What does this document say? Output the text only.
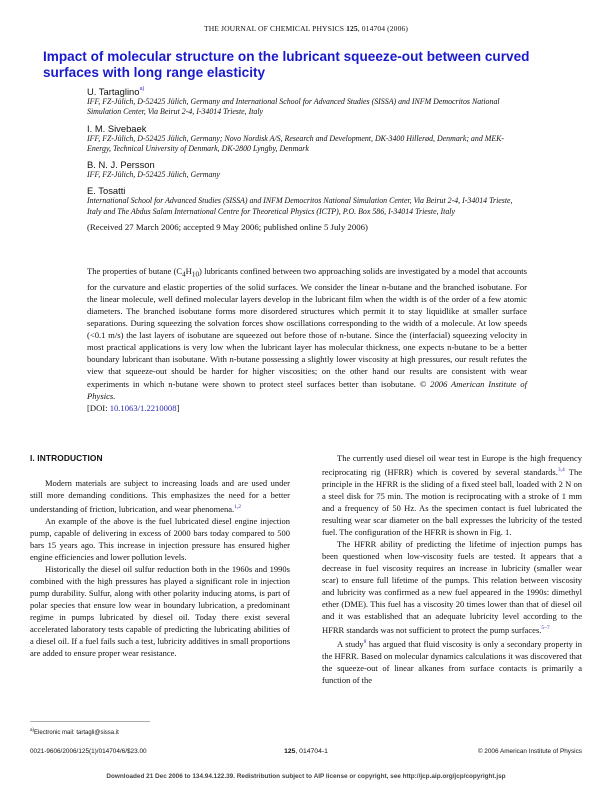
THE JOURNAL OF CHEMICAL PHYSICS 125, 014704 (2006)
Impact of molecular structure on the lubricant squeeze-out between curved surfaces with long range elasticity
U. Tartaglino$^{a)}$
IFF, FZ-Jülich, D-52425 Jülich, Germany and International School for Advanced Studies (SISSA) and INFM Democritos National Simulation Center, Via Beirut 2-4, I-34014 Trieste, Italy
I. M. Sivebaek
IFF, FZ-Jülich, D-52425 Jülich, Germany; Novo Nordisk A/S, Research and Development, DK-3400 Hillerød, Denmark; and MEK-Energy, Technical University of Denmark, DK-2800 Lyngby, Denmark
B. N. J. Persson
IFF, FZ-Jülich, D-52425 Jülich, Germany
E. Tosatti
International School for Advanced Studies (SISSA) and INFM Democritos National Simulation Center, Via Beirut 2-4, I-34014 Trieste, Italy and The Abdus Salam International Centre for Theoretical Physics (ICTP), P.O. Box 586, I-34014 Trieste, Italy
(Received 27 March 2006; accepted 9 May 2006; published online 5 July 2006)
The properties of butane $(C_4H_{10})$ lubricants confined between two approaching solids are investigated by a model that accounts for the curvature and elastic properties of the solid surfaces. We consider the linear n-butane and the branched isobutane. For the linear molecule, well defined molecular layers develop in the lubricant film when the width is of the order of a few atomic diameters. The branched isobutane forms more disordered structures which permit it to stay liquidlike at smaller surface separations. During squeezing the solvation forces show oscillations corresponding to the width of a molecule. At low speeds (<0.1 m/s) the last layers of isobutane are squeezed out before those of n-butane. Since the (interfacial) squeezing velocity in most practical applications is very low when the lubricant layer has molecular thickness, one expects n-butane to be a better boundary lubricant than isobutane. With n-butane possessing a slightly lower viscosity at high pressures, our result refutes the view that squeeze-out should be harder for higher viscosities; on the other hand our results are consistent with wear experiments in which n-butane were shown to protect steel surfaces better than isobutane. © 2006 American Institute of Physics.
[DOI: 10.1063/1.2210008]
I. INTRODUCTION

Modern materials are subject to increasing loads and are used under still more demanding conditions. This emphasizes the need for a better understanding of friction, lubrication, and wear phenomena.$^{1,2}$

An example of the above is the fuel lubricated diesel engine injection pump, capable of delivering in excess of 2000 bars today compared to 500 bars 15 years ago. This increase in injection pressure has ensured higher engine efficiencies and lower pollution levels.

Historically the diesel oil sulfur reduction both in the 1960s and 1990s combined with the high pressures has played a significant role in injection pump durability. Sulfur, along with other polarity inducing atoms, is part of polar species that ensure low wear in boundary lubrication, a predominant regime in pumps lubricated by diesel oil. Today there exist several accelerated laboratory tests capable of predicting the lubricating abilities of a diesel oil. If a fuel fails such a test, lubricity additives in small proportions are added to ensure proper wear resistance.

The currently used diesel oil wear test in Europe is the high frequency reciprocating rig (HFRR) which is covered by several standards.$^{3,4}$ The principle in the HFRR is the sliding of a fixed steel ball, loaded with 2 N on a steel disk for 75 min. The motion is reciprocating with a stroke of 1 mm and a frequency of 50 Hz. As the specimen contact is fuel lubricated the resulting wear scar diameter on the ball expresses the lubricity of the tested fuel. The configuration of the HFRR is shown in Fig. 1.

The HFRR ability of predicting the lifetime of injection pumps has been questioned when low-viscosity fuels are tested. It appears that a decrease in fuel viscosity requires an increase in lubricity (smaller wear scar) to ensure full lifetime of the pumps. This relation between viscosity and lubricity was confirmed as a new fuel appeared in the 1990s: dimethyl ether (DME). This fuel has a viscosity 20 times lower than that of diesel oil and it was established that an adequate lubricity level according to the HFRR standards was not sufficient to protect the pump surfaces.$^{5-7}$

A study$^8$ has argued that fluid viscosity is only a secondary property in the HFRR. Based on molecular dynamics calculations it was discovered that the squeeze-out of linear alkanes from surface contacts is primarily a function of the

$^{a)}$Electronic mail: tartagli@sissa.it
0021-9606/2006/125(1)/014704/6/$23.00	125, 014704-1	© 2006 American Institute of Physics
Downloaded 21 Dec 2006 to 134.94.122.39. Redistribution subject to AIP license or copyright, see http://jcp.aip.org/jcp/copyright.jsp
